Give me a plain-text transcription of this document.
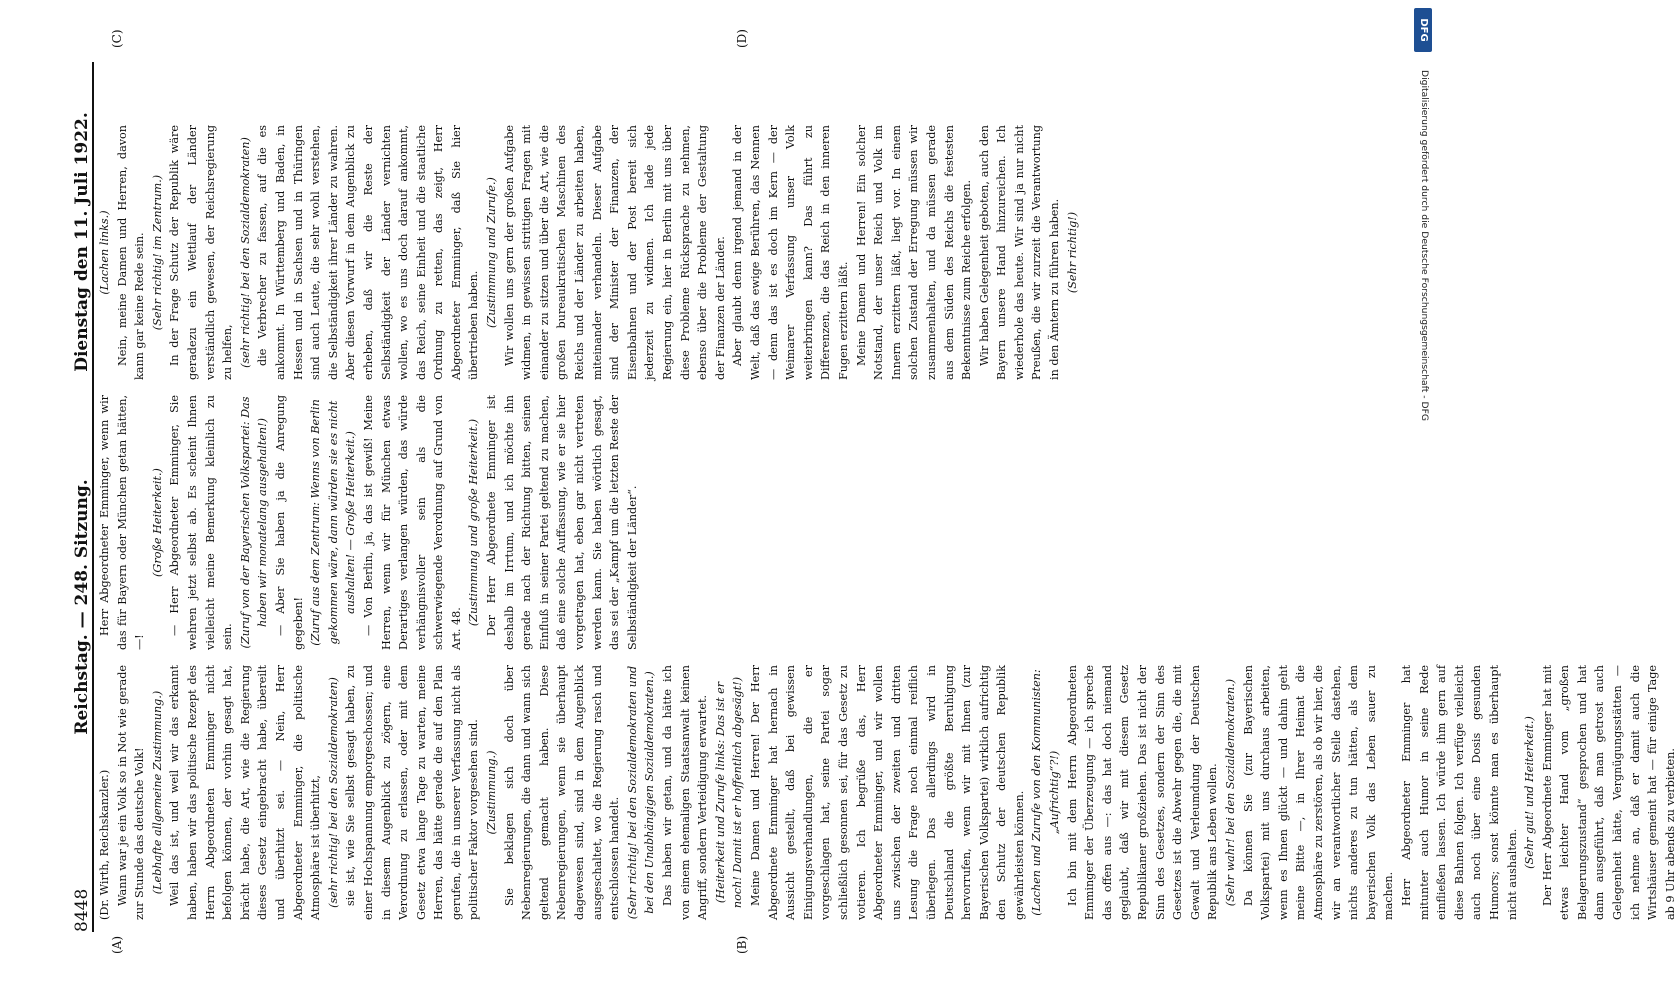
8448
Reichstag. — 248. Sitzung.
Dienstag den 11. Juli 1922.
(A)	(B)
(C)	(D)

(Dr. Wirth, Reichskanzler.) Wann war je ein Volk so in Not wie gerade zur Stunde das deutsche Volk! (Lebhafte allgemeine Zustimmung.) Weil das ist, und weil wir das erkannt haben, haben wir das politische Rezept des Herrn Abgeordneten Emminger nicht befolgen können, der vorhin gesagt hat, brächt habe, die Art, wie die Regierung dieses Gesetz eingebracht habe, übereilt und überhitzt sei. — Nein, Herr Abgeordneter Emminger, die politische Atmosphäre ist überhitzt, (sehr richtig! bei den Sozialdemokraten) sie ist, wie Sie selbst gesagt haben, zu einer Hochspannung emporgeschossen; und in diesem Augenblick zu zögern, eine Verordnung zu erlassen, oder mit dem Gesetz etwa lange Tage zu warten, meine Herren, das hätte gerade die auf den Plan gerufen, die in unserer Verfassung nicht als politischer Faktor vorgesehen sind. (Zustimmung.) Sie beklagen sich doch über Nebenregierungen, die dann und wann sich geltend gemacht haben. Diese Nebenregierungen, wenn sie überhaupt dagewesen sind, sind in dem Augenblick ausgeschaltet, wo die Regierung rasch und entschlossen handelt. (Sehr richtig! bei den Sozialdemokraten und bei den Unabhängigen Sozialdemokraten.) Das haben wir getan, und da hätte ich von einem ehemaligen Staatsanwalt keinen Angriff, sondern Verteidigung erwartet. (Heiterkeit und Zurufe links: Das ist er noch! Damit ist er hoffentlich abgesägt!) Meine Damen und Herren! Der Herr Abgeordnete Emminger hat hernach in Aussicht gestellt, daß bei gewissen Einigungsverhandlungen, die er vorgeschlagen hat, seine Partei sogar schließlich gesonnen sei, für das Gesetz zu votieren. Ich begrüße das, Herr Abgeordneter Emminger, und wir wollen uns zwischen der zweiten und dritten Lesung die Frage noch einmal reiflich überlegen. Das allerdings wird in Deutschland die größte Beruhigung hervorrufen, wenn wir mit Ihnen (zur Bayerischen Volkspartei) wirklich aufrichtig den Schutz der deutschen Republik gewährleisten können. (Lachen und Zurufe von den Kommunisten: „Aufrichtig“?!) Ich bin mit dem Herrn Abgeordneten Emminger der Überzeugung — ich spreche das offen aus —: das hat doch niemand geglaubt, daß wir mit diesem Gesetz Republikaner großziehen. Das ist nicht der Sinn des Gesetzes, sondern der Sinn des Gesetzes ist die Abwehr gegen die, die mit Gewalt und Verleumdung der Deutschen Republik ans Leben wollen. (Sehr wahr! bei den Sozialdemokraten.) Da können Sie (zur Bayerischen Volkspartei) mit uns durchaus arbeiten, wenn es Ihnen glückt — und dahin geht meine Bitte —, in Ihrer Heimat die Atmosphäre zu zerstören, als ob wir hier, die wir an verantwortlicher Stelle dastehen, nichts anderes zu tun hätten, als dem bayerischen Volk das Leben sauer zu machen. Herr Abgeordneter Emminger hat mitunter auch Humor in seine Rede einfließen lassen. Ich würde ihm gern auf diese Bahnen folgen. Ich verfüge vielleicht auch noch über eine Dosis gesunden Humors; sonst könnte man es überhaupt nicht aushalten.

(Sehr gut! und Heiterkeit.) Der Herr Abgeordnete Emminger hat mit etwas leichter Hand vom „großen Belagerungszustand“ gesprochen und hat dann ausgeführt, daß man getrost auch Gelegenheit hätte, Vergnügungsstätten — ich nehme an, daß er damit auch die Wirtshäuser gemeint hat — für einige Tage ab 9 Uhr abends zu verbieten.

Herr Abgeordneter Emminger, wenn wir das für Bayern oder München getan hätten, —!

(Große Heiterkeit.) — Herr Abgeordneter Emminger, Sie wehren jetzt selbst ab. Es scheint Ihnen vielleicht meine Bemerkung kleinlich zu sein. (Zuruf von der Bayerischen Volkspartei: Das haben wir monatelang ausgehalten!) — Aber Sie haben ja die Anregung gegeben! (Zuruf aus dem Zentrum: Wenns von Berlin gekommen wäre, dann würden sie es nicht aushalten! — Große Heiterkeit.) — Von Berlin, ja, das ist gewiß! Meine Herren, wenn wir für München etwas Derartiges verlangen würden, das würde verhängnisvoller sein als die schwerwiegende Verordnung auf Grund von Art. 48.

(Zustimmung und große Heiterkeit.) Der Herr Abgeordnete Emminger ist deshalb im Irrtum, und ich möchte ihn gerade nach der Richtung bitten, seinen Einfluß in seiner Partei geltend zu machen, daß eine solche Auffassung, wie er sie hier vorgetragen hat, eben gar nicht vertreten werden kann. Sie haben wörtlich gesagt, das sei der „Kampf um die letzten Reste der Selbständigkeit der Länder“.

(Lachen links.) Nein, meine Damen und Herren, davon kann gar keine Rede sein. (Sehr richtig! im Zentrum.) In der Frage Schutz der Republik wäre geradezu ein Wettlauf der Länder verständlich gewesen, der Reichsregierung zu helfen, (sehr richtig! bei den Sozialdemokraten) die Verbrecher zu fassen, auf die es ankommt. In Württemberg und Baden, in Hessen und in Sachsen und in Thüringen sind auch Leute, die sehr wohl verstehen, die Selbständigkeit ihrer Länder zu wahren. Aber diesen Vorwurf in dem Augenblick zu erheben, daß wir die Reste der Selbständigkeit der Länder vernichten wollen, wo es uns doch darauf ankommt, das Reich, seine Einheit und die staatliche Ordnung zu retten, das zeigt, Herr Abgeordneter Emminger, daß Sie hier übertrieben haben. (Zustimmung und Zurufe.) Wir wollen uns gern der großen Aufgabe widmen, in gewissen strittigen Fragen mit einander zu sitzen und über die Art, wie die großen bureaukratischen Maschinen des Reichs und der Länder zu arbeiten haben, miteinander verhandeln. Dieser Aufgabe sind der Minister der Finanzen, der Eisenbahnen und der Post bereit sich jederzeit zu widmen. Ich lade jede Regierung ein, hier in Berlin mit uns über diese Probleme Rücksprache zu nehmen, ebenso über die Probleme der Gestaltung der Finanzen der Länder. Aber glaubt denn irgend jemand in der Welt, daß das ewige Berühren, das Nennen — denn das ist es doch im Kern — der Weimarer Verfassung unser Volk weiterbringen kann? Das führt zu Differenzen, die das Reich in den inneren Fugen erzittern läßt. Meine Damen und Herren! Ein solcher Notstand, der unser Reich und Volk im Innern erzittern läßt, liegt vor. In einem solchen Zustand der Erregung müssen wir zusammenhalten, und da müssen gerade aus dem Süden des Reichs die festesten Bekenntnisse zum Reiche erfolgen. Wir haben Gelegenheit geboten, auch den Bayern unsere Hand hinzureichen. Ich wiederhole das heute. Wir sind ja nur nicht Preußen, die wir zurzeit die Verantwortung in den Ämtern zu führen haben. (Sehr richtig!)

DFG
Digitalisierung gefördert durch die Deutsche Forschungsgemeinschaft - DFG
